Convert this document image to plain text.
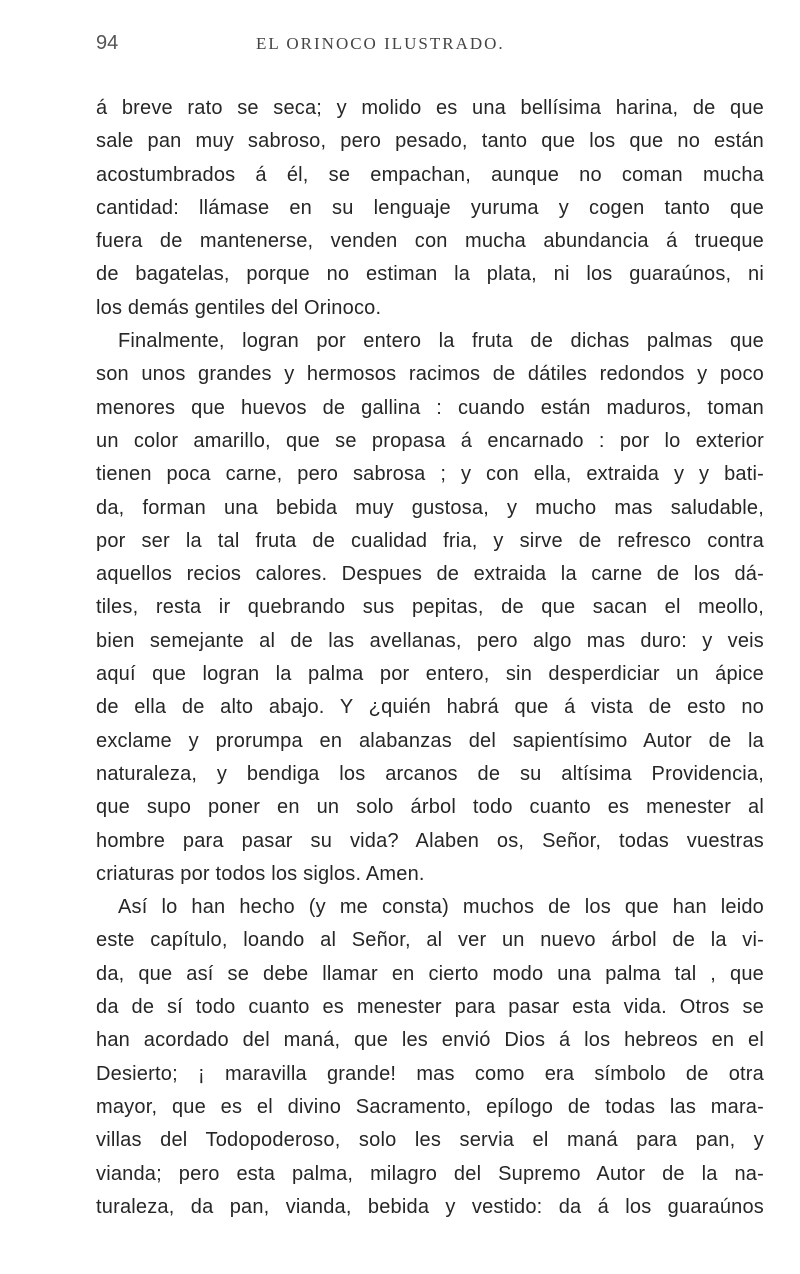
94	EL ORINOCO ILUSTRADO.
á breve rato se seca; y molido es una bellísima harina, de que
sale pan muy sabroso, pero pesado, tanto que los que no están
acostumbrados á él, se empachan, aunque no coman mucha
cantidad: llámase en su lenguaje yuruma y cogen tanto que
fuera de mantenerse, venden con mucha abundancia á trueque
de bagatelas, porque no estiman la plata, ni los guaraúnos, ni
los demás gentiles del Orinoco.
Finalmente, logran por entero la fruta de dichas palmas que
son unos grandes y hermosos racimos de dátiles redondos y poco
menores que huevos de gallina : cuando están maduros, toman
un color amarillo, que se propasa á encarnado : por lo exterior
tienen poca carne, pero sabrosa ; y con ella, extraida y y bati-
da, forman una bebida muy gustosa, y mucho mas saludable,
por ser la tal fruta de cualidad fria, y sirve de refresco contra
aquellos recios calores. Despues de extraida la carne de los dá-
tiles, resta ir quebrando sus pepitas, de que sacan el meollo,
bien semejante al de las avellanas, pero algo mas duro: y veis
aquí que logran la palma por entero, sin desperdiciar un ápice
de ella de alto abajo. Y ¿quién habrá que á vista de esto no
exclame y prorumpa en alabanzas del sapientísimo Autor de la
naturaleza, y bendiga los arcanos de su altísima Providencia,
que supo poner en un solo árbol todo cuanto es menester al
hombre para pasar su vida? Alaben os, Señor, todas vuestras
criaturas por todos los siglos. Amen.
Así lo han hecho (y me consta) muchos de los que han leido
este capítulo, loando al Señor, al ver un nuevo árbol de la vi-
da, que así se debe llamar en cierto modo una palma tal , que
da de sí todo cuanto es menester para pasar esta vida. Otros se
han acordado del maná, que les envió Dios á los hebreos en el
Desierto; ¡ maravilla grande! mas como era símbolo de otra
mayor, que es el divino Sacramento, epílogo de todas las mara-
villas del Todopoderoso, solo les servia el maná para pan, y
vianda; pero esta palma, milagro del Supremo Autor de la na-
turaleza, da pan, vianda, bebida y vestido: da á los guaraúnos
